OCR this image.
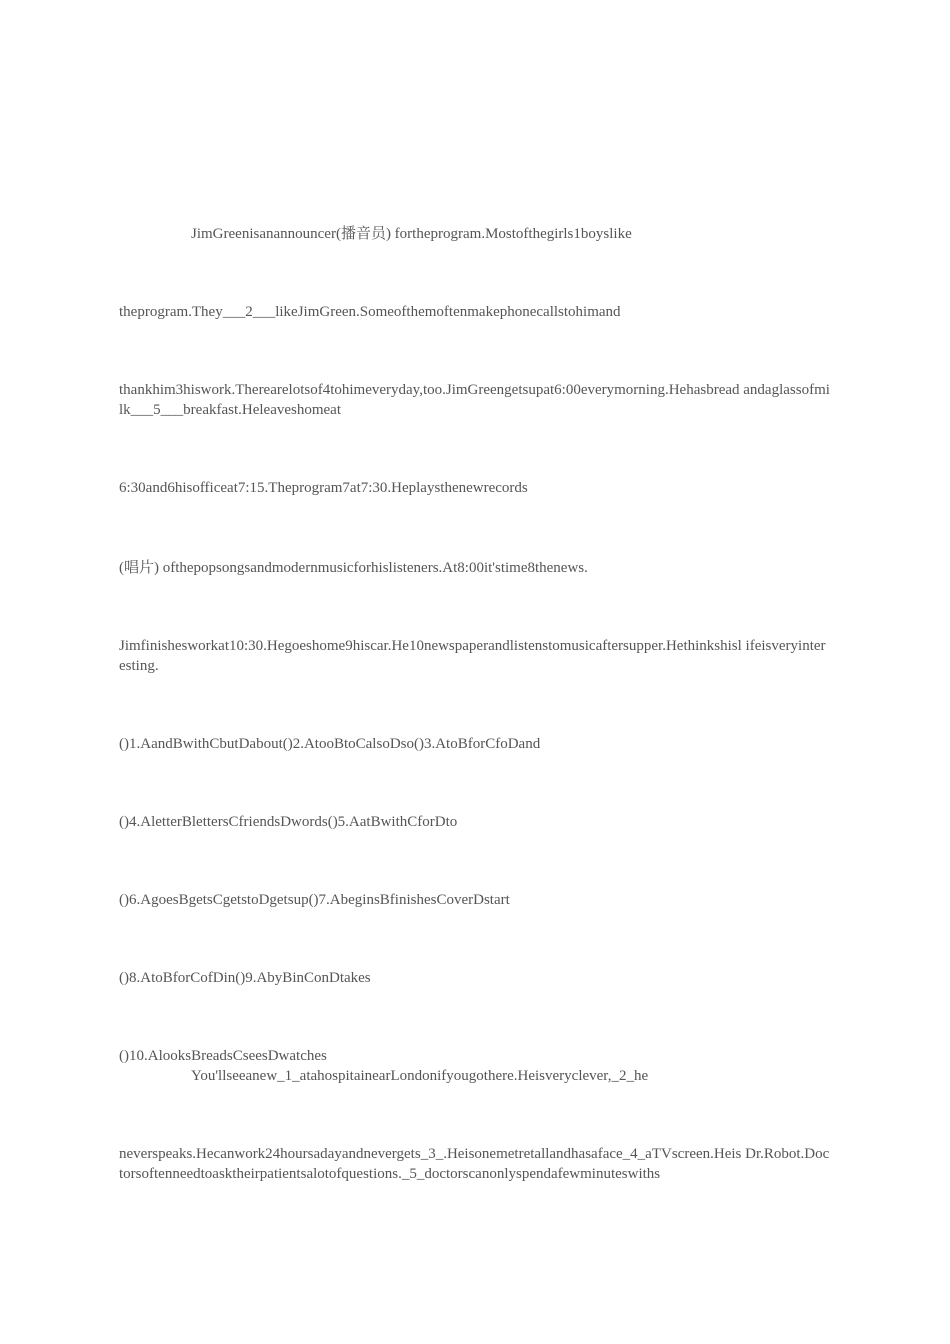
JimGreenisanannouncer(播音员) fortheprogram.Mostofthegirls1boyslike
theprogram.They___2___likeJimGreen.Someofthemoftenmakephonecallstohimand
thankhim3hiswork.Therearelotsof4tohimeveryday,too.JimGreengetsupat6:00everymorning.Hehasbread andaglassofmilk___5___breakfast.Heleaveshomeat
6:30and6hisofficeat7:15.Theprogram7at7:30.Heplaysthenewrecords
(唱片) ofthepopsongsandmodernmusicforhislisteners.At8:00it'stime8thenews.
Jimfinishesworkat10:30.Hegoeshome9hiscar.He10newspaperandlistenstomusicaftersupper.Hethinkshisl ifeisveryinteresting.
()1.AandBwithCbutDabout()2.AtooBtoCalsoDso()3.AtoBforCfoDand
()4.AletterBlettersCfriendsDwords()5.AatBwithCforDto
()6.AgoesBgetsCgetstoDgetsup()7.AbeginsBfinishesCoverDstart
()8.AtoBforCofDin()9.AbyBinConDtakes
()10.AlooksBreadsCseesDwatches
You'llseeanew_1_atahospitainearLondonifyougothere.Heisveryclever,_2_he
neverspeaks.Hecanwork24hoursadayandnevergets_3_.Heisonemetretallandhasaface_4_aTVscreen.Heis Dr.Robot.Doctorsoftenneedtoasktheirpatientsalotofquestions._5_doctorscanonlyspendafewminuteswiths
